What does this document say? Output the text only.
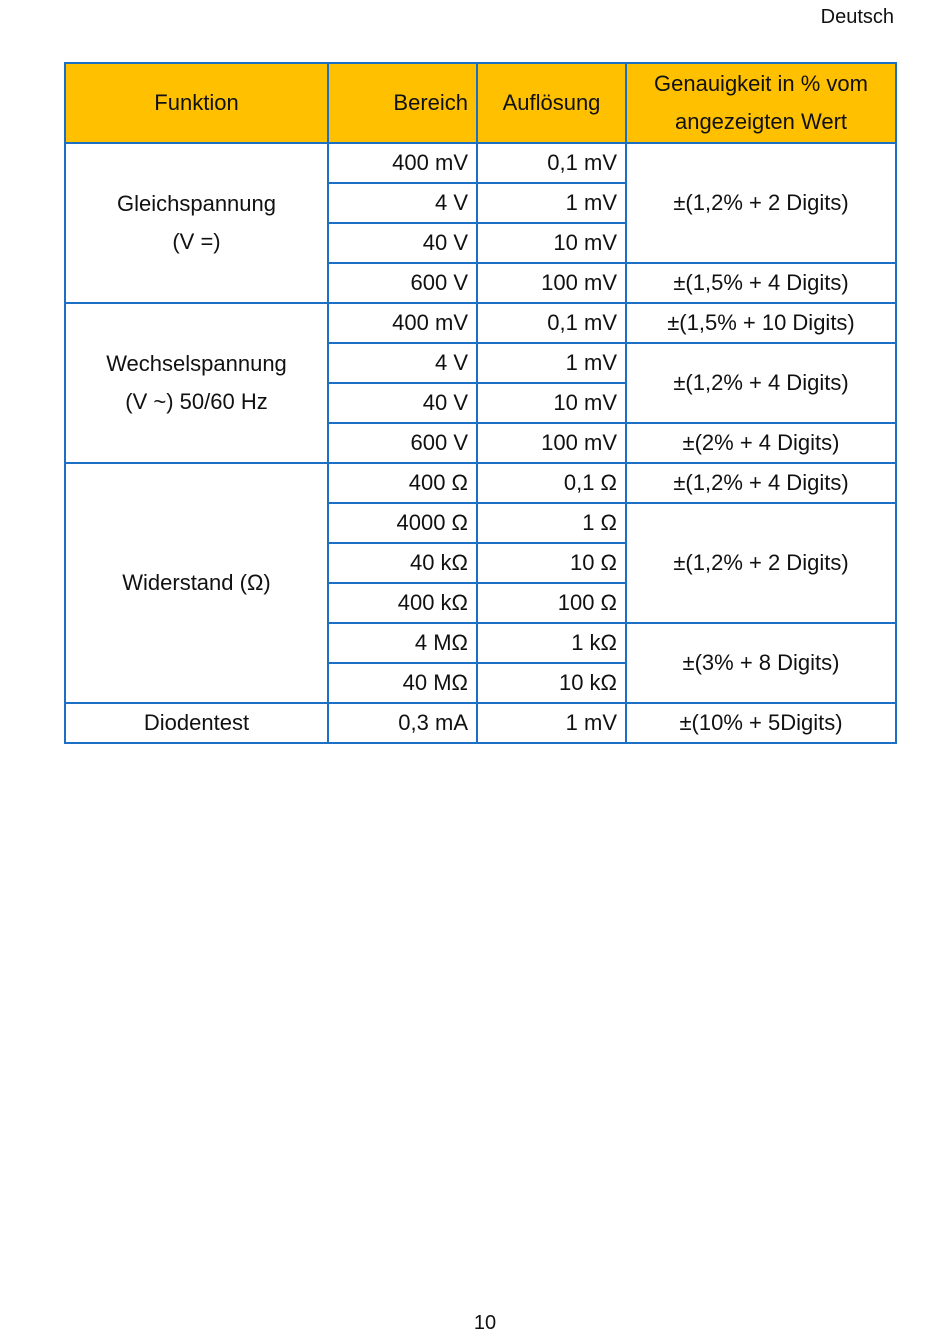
Deutsch
Funktion	Bereich	Auflösung	Genauigkeit in % vom angezeigten Wert

Gleichspannung
(V =)	400 mV	0,1 mV	±(1,2% + 2 Digits)
	4 V	1 mV	
	40 V	10 mV	
	600 V	100 mV	±(1,5% + 4 Digits)

Wechselspannung
(V ~) 50/60 Hz	400 mV	0,1 mV	±(1,5% + 10 Digits)
	4 V	1 mV	±(1,2% + 4 Digits)
	40 V	10 mV	
	600 V	100 mV	±(2% + 4 Digits)
Widerstand (Ω)	400 Ω	0,1 Ω	±(1,2% + 4 Digits)
	4000 Ω	1 Ω	±(1,2% + 2 Digits)
	40 kΩ	10 Ω	
	400 kΩ	100 Ω	
	4 MΩ	1 kΩ	±(3% + 8 Digits)
	40 MΩ	10 kΩ	
Diodentest	0,3 mA	1 mV	±(10% + 5Digits)
10
